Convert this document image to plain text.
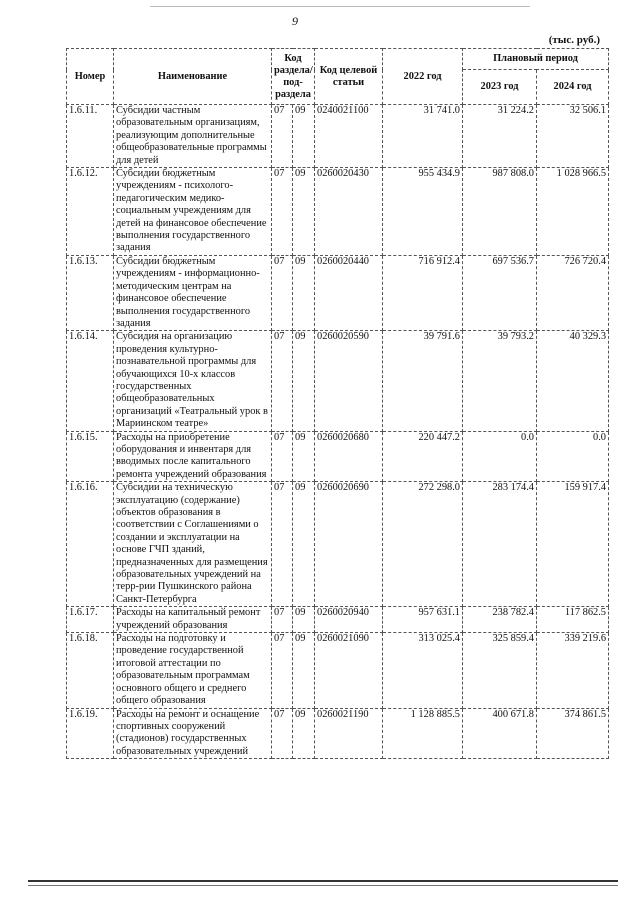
9
(тыс. руб.)
Номер	Наименование	Код раздела/ под- раздела		Код целевой статьи	2022 год	Плановый период	
						2023 год	2024 год
1.6.11.	Субсидии частным образовательным организациям, реализующим дополнительные общеобразовательные программы для детей	07	09	0240021100	31 741.0	31 224.2	32 506.1
1.6.12.	Субсидии бюджетным учреждениям - психолого-педагогическим медико-социальным учреждениям для детей на финансовое обеспечение выполнения государственного задания	07	09	0260020430	955 434.9	987 808.0	1 028 966.5
1.6.13.	Субсидии бюджетным учреждениям - информационно-методическим центрам на финансовое обеспечение выполнения государственного задания	07	09	0260020440	716 912.4	697 536.7	726 720.4
1.6.14.	Субсидия на организацию проведения культурно-познавательной программы для обучающихся 10-х классов государственных общеобразовательных организаций «Театральный урок в Мариинском театре»	07	09	0260020590	39 791.6	39 793.2	40 329.3
1.6.15.	Расходы на приобретение оборудования и инвентаря для вводимых после капитального ремонта учреждений образования	07	09	0260020680	220 447.2	0.0	0.0
1.6.16.	Субсидии на техническую эксплуатацию (содержание) объектов образования в соответствии с Соглашениями о создании и эксплуатации на основе ГЧП зданий, предназначенных для размещения образовательных учреждений на терр-рии Пушкинского района Санкт-Петербурга	07	09	0260020690	272 298.0	283 174.4	159 917.4
1.6.17.	Расходы на капитальный ремонт учреждений образования	07	09	0260020940	957 631.1	238 782.4	117 862.5
1.6.18.	Расходы на подготовку и проведение государственной итоговой аттестации по образовательным программам основного общего и среднего общего образования	07	09	0260021090	313 025.4	325 859.4	339 219.6
1.6.19.	Расходы на ремонт и оснащение спортивных сооружений (стадионов) государственных образовательных учреждений	07	09	0260021190	1 128 885.5	400 671.8	374 861.5
